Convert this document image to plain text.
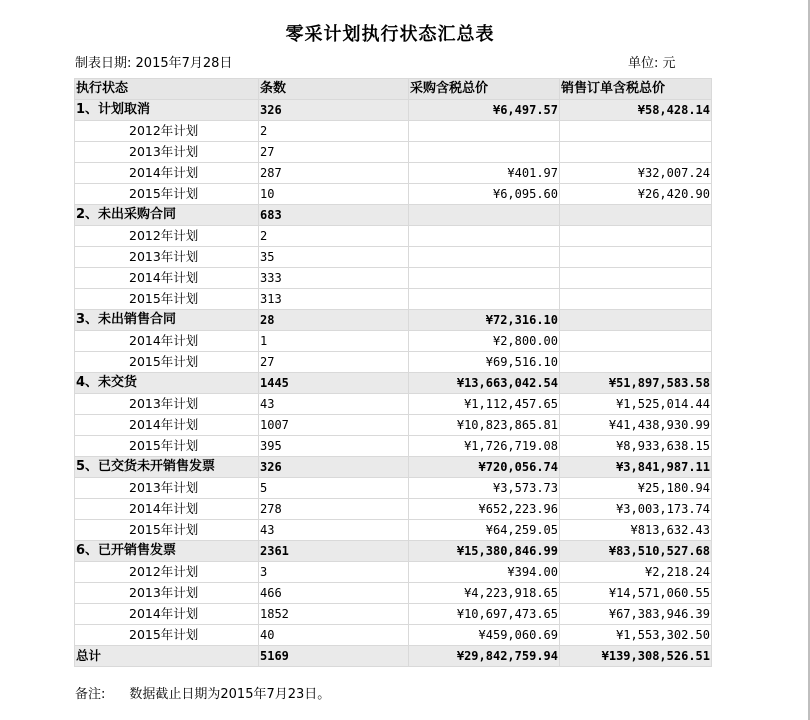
零采计划执行状态汇总表
制表日期: 2015年7月28日	单位: 元
执行状态	条数	采购含税总价	销售订单含税总价
1、计划取消	326	¥6,497.57	¥58,428.14
2012年计划	2		
2013年计划	27		
2014年计划	287	¥401.97	¥32,007.24
2015年计划	10	¥6,095.60	¥26,420.90
2、未出采购合同	683		
2012年计划	2		
2013年计划	35		
2014年计划	333		
2015年计划	313		
3、未出销售合同	28	¥72,316.10	
2014年计划	1	¥2,800.00	
2015年计划	27	¥69,516.10	
4、未交货	1445	¥13,663,042.54	¥51,897,583.58
2013年计划	43	¥1,112,457.65	¥1,525,014.44
2014年计划	1007	¥10,823,865.81	¥41,438,930.99
2015年计划	395	¥1,726,719.08	¥8,933,638.15
5、已交货未开销售发票	326	¥720,056.74	¥3,841,987.11
2013年计划	5	¥3,573.73	¥25,180.94
2014年计划	278	¥652,223.96	¥3,003,173.74
2015年计划	43	¥64,259.05	¥813,632.43
6、已开销售发票	2361	¥15,380,846.99	¥83,510,527.68
2012年计划	3	¥394.00	¥2,218.24
2013年计划	466	¥4,223,918.65	¥14,571,060.55
2014年计划	1852	¥10,697,473.65	¥67,383,946.39
2015年计划	40	¥459,060.69	¥1,553,302.50
总计	5169	¥29,842,759.94	¥139,308,526.51
备注: 数据截止日期为2015年7月23日。
